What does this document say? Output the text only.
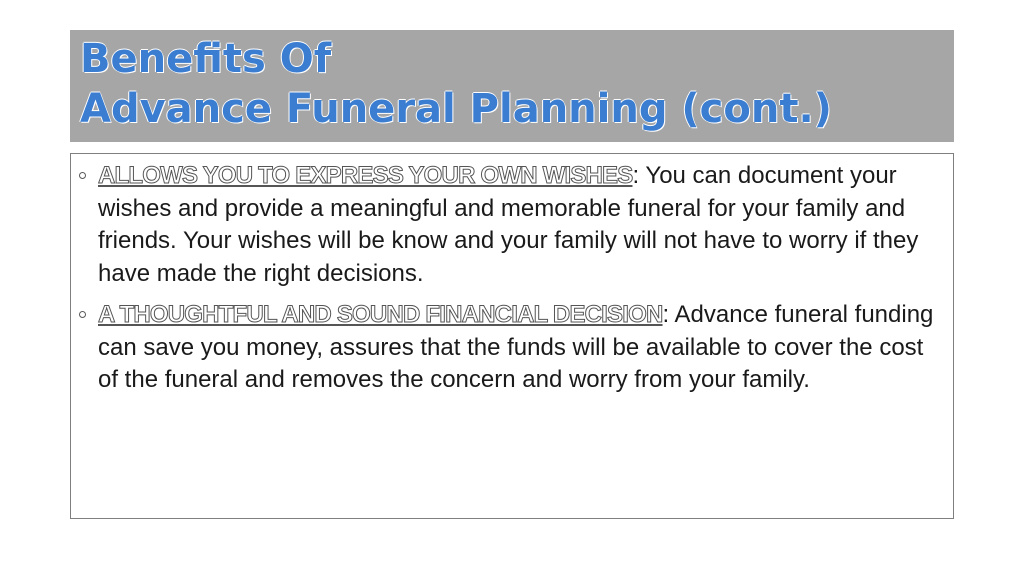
Benefits Of
Advance Funeral Planning (cont.)
ALLOWS YOU TO EXPRESS YOUR OWN WISHES: You can document your wishes and provide a meaningful and memorable funeral for your family and friends. Your wishes will be know and your family will not have to worry if they have made the right decisions.
A THOUGHTFUL AND SOUND FINANCIAL DECISION: Advance funeral funding can save you money, assures that the funds will be available to cover the cost of the funeral and removes the concern and worry from your family.
